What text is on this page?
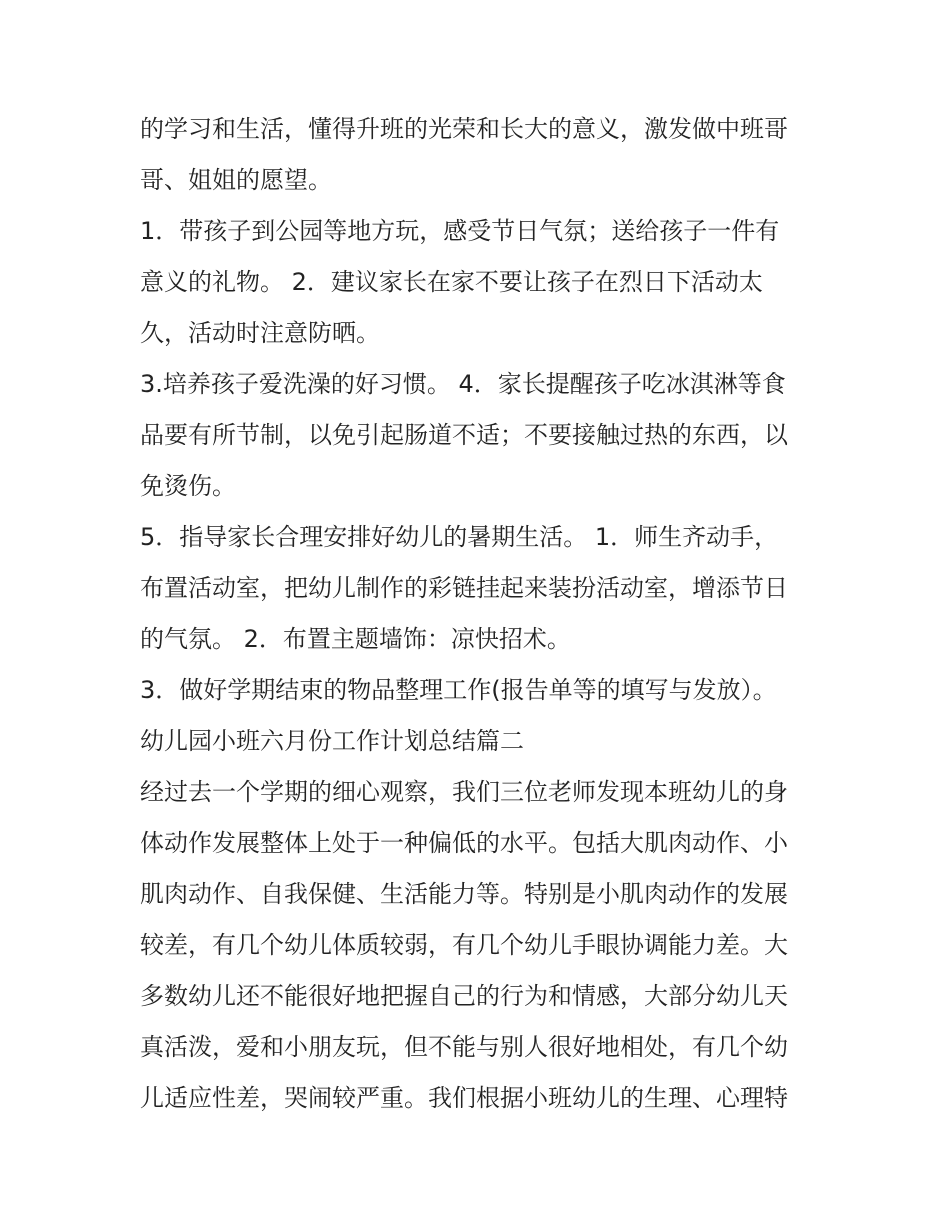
的学习和生活，懂得升班的光荣和长大的意义，激发做中班哥
哥、姐姐的愿望。
1．带孩子到公园等地方玩，感受节日气氛；送给孩子一件有
意义的礼物。 2．建议家长在家不要让孩子在烈日下活动太
久，活动时注意防晒。
3.培养孩子爱洗澡的好习惯。 4．家长提醒孩子吃冰淇淋等食
品要有所节制，以免引起肠道不适；不要接触过热的东西，以
免烫伤。
5．指导家长合理安排好幼儿的暑期生活。 1．师生齐动手，
布置活动室，把幼儿制作的彩链挂起来装扮活动室，增添节日
的气氛。 2．布置主题墙饰：凉快招术。
3．做好学期结束的物品整理工作(报告单等的填写与发放）。
幼儿园小班六月份工作计划总结篇二
经过去一个学期的细心观察，我们三位老师发现本班幼儿的身
体动作发展整体上处于一种偏低的水平。包括大肌肉动作、小
肌肉动作、自我保健、生活能力等。特别是小肌肉动作的发展
较差，有几个幼儿体质较弱，有几个幼儿手眼协调能力差。大
多数幼儿还不能很好地把握自己的行为和情感，大部分幼儿天
真活泼，爱和小朋友玩，但不能与别人很好地相处，有几个幼
儿适应性差，哭闹较严重。我们根据小班幼儿的生理、心理特
